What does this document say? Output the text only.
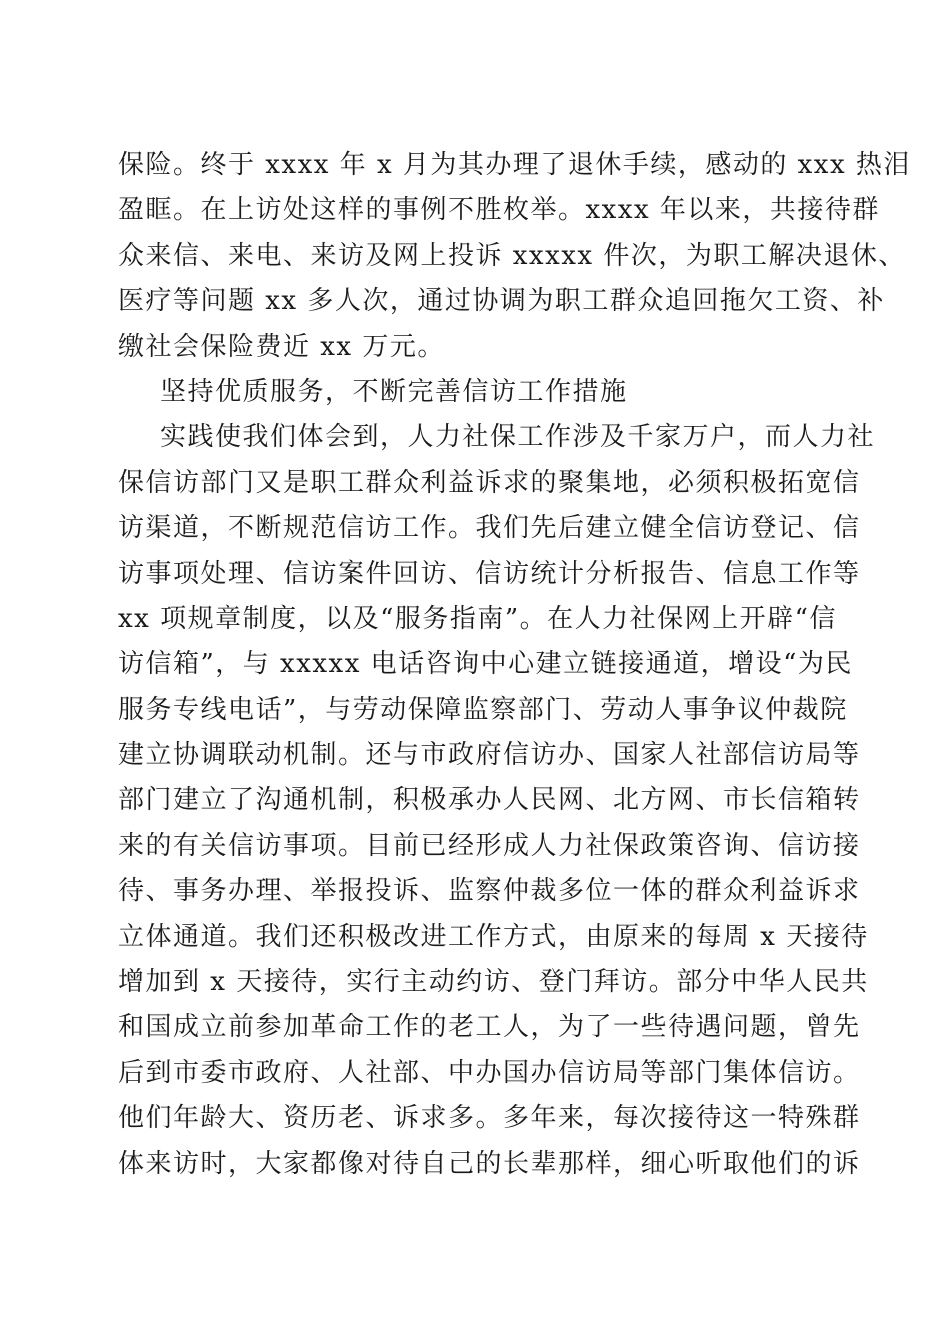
保险。终于 xxxx 年 x 月为其办理了退休手续，感动的 xxx 热泪
盈眶。在上访处这样的事例不胜枚举。xxxx 年以来，共接待群
众来信、来电、来访及网上投诉 xxxxx 件次，为职工解决退休、
医疗等问题 xx 多人次，通过协调为职工群众追回拖欠工资、补
缴社会保险费近 xx 万元。
坚持优质服务，不断完善信访工作措施
实践使我们体会到，人力社保工作涉及千家万户，而人力社
保信访部门又是职工群众利益诉求的聚集地，必须积极拓宽信
访渠道，不断规范信访工作。我们先后建立健全信访登记、信
访事项处理、信访案件回访、信访统计分析报告、信息工作等
xx 项规章制度，以及“服务指南”。在人力社保网上开辟“信
访信箱”，与 xxxxx 电话咨询中心建立链接通道，增设“为民
服务专线电话”，与劳动保障监察部门、劳动人事争议仲裁院
建立协调联动机制。还与市政府信访办、国家人社部信访局等
部门建立了沟通机制，积极承办人民网、北方网、市长信箱转
来的有关信访事项。目前已经形成人力社保政策咨询、信访接
待、事务办理、举报投诉、监察仲裁多位一体的群众利益诉求
立体通道。我们还积极改进工作方式，由原来的每周 x 天接待
增加到 x 天接待，实行主动约访、登门拜访。部分中华人民共
和国成立前参加革命工作的老工人，为了一些待遇问题，曾先
后到市委市政府、人社部、中办国办信访局等部门集体信访。
他们年龄大、资历老、诉求多。多年来，每次接待这一特殊群
体来访时，大家都像对待自己的长辈那样，细心听取他们的诉
